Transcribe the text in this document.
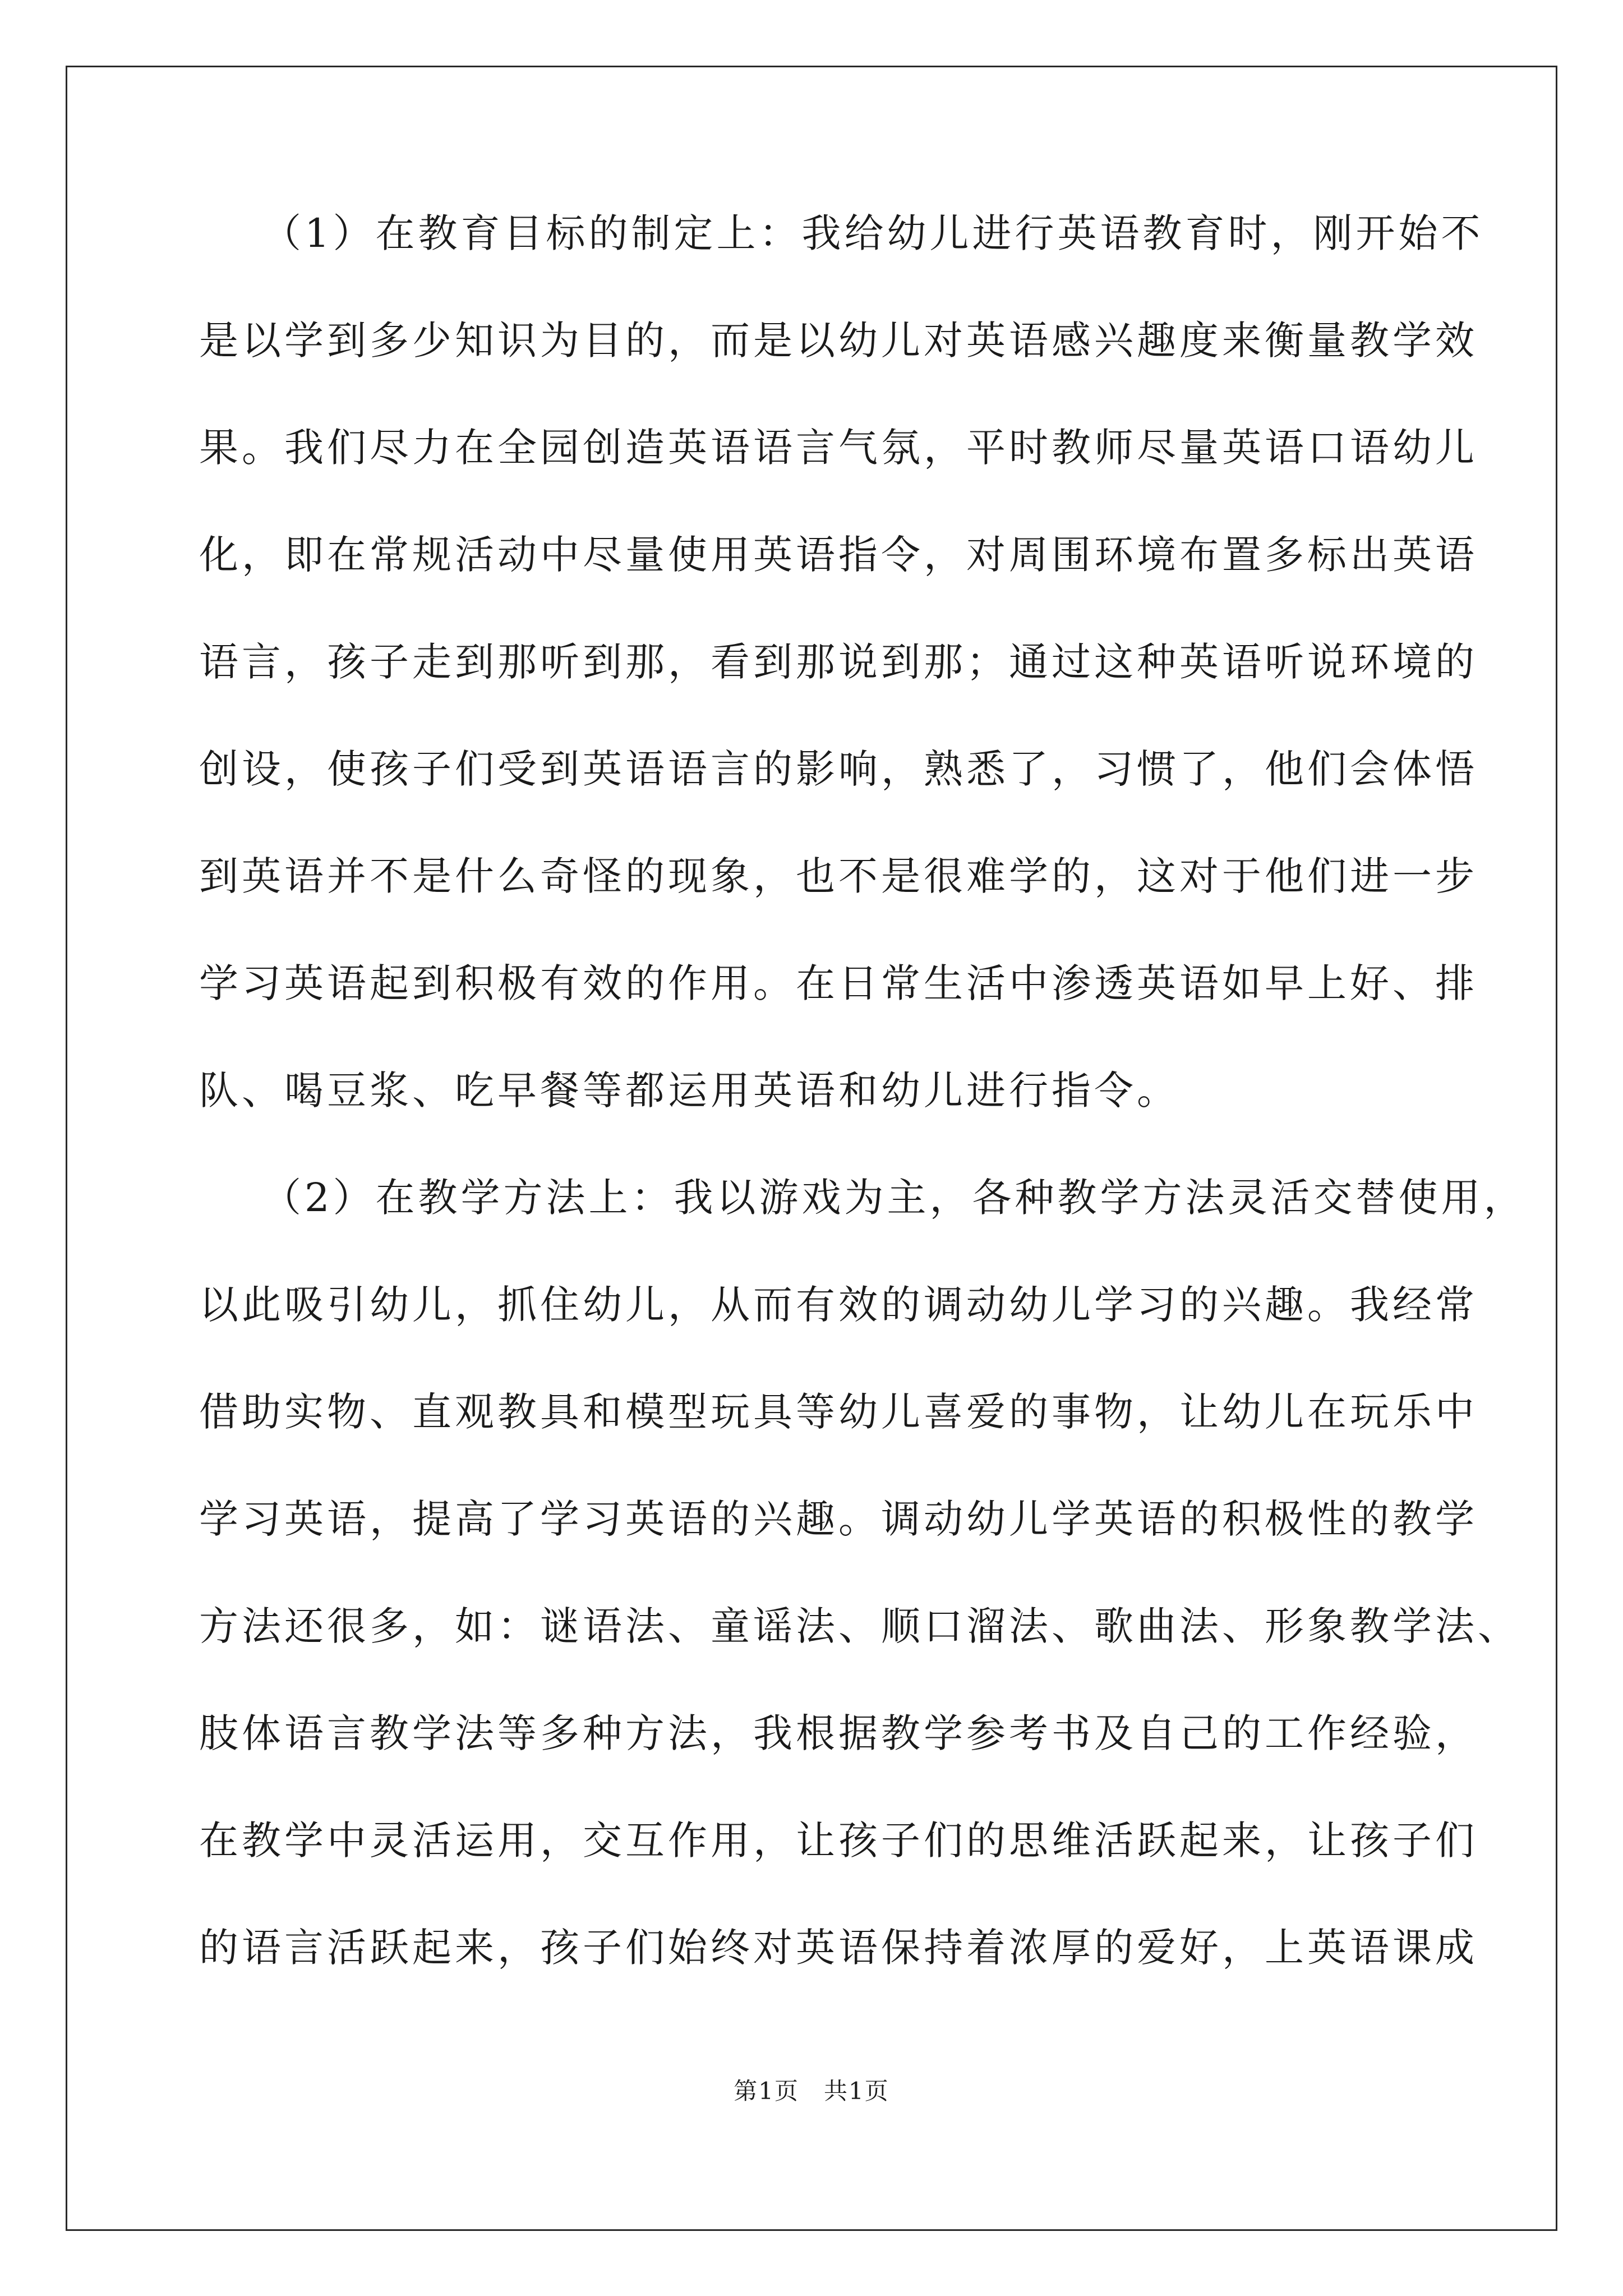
（1）在教育目标的制定上：我给幼儿进行英语教育时，刚开始不
是以学到多少知识为目的，而是以幼儿对英语感兴趣度来衡量教学效
果。我们尽力在全园创造英语语言气氛，平时教师尽量英语口语幼儿
化，即在常规活动中尽量使用英语指令，对周围环境布置多标出英语
语言，孩子走到那听到那，看到那说到那；通过这种英语听说环境的
创设，使孩子们受到英语语言的影响，熟悉了，习惯了，他们会体悟
到英语并不是什么奇怪的现象，也不是很难学的，这对于他们进一步
学习英语起到积极有效的作用。在日常生活中渗透英语如早上好、排
队、喝豆浆、吃早餐等都运用英语和幼儿进行指令。
（2）在教学方法上：我以游戏为主，各种教学方法灵活交替使用，
以此吸引幼儿，抓住幼儿，从而有效的调动幼儿学习的兴趣。我经常
借助实物、直观教具和模型玩具等幼儿喜爱的事物，让幼儿在玩乐中
学习英语，提高了学习英语的兴趣。调动幼儿学英语的积极性的教学
方法还很多，如：谜语法、童谣法、顺口溜法、歌曲法、形象教学法、
肢体语言教学法等多种方法，我根据教学参考书及自己的工作经验，
在教学中灵活运用，交互作用，让孩子们的思维活跃起来，让孩子们
的语言活跃起来，孩子们始终对英语保持着浓厚的爱好，上英语课成
第1页　共1页
